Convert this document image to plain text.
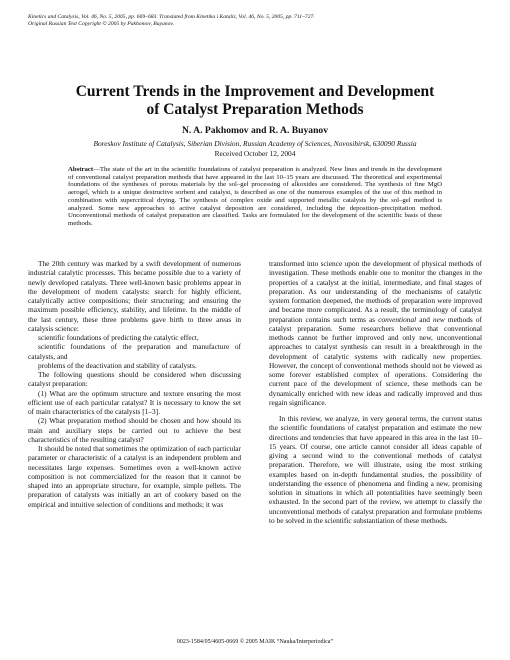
Kinetics and Catalysis, Vol. 46, No. 5, 2005, pp. 669–683. Translated from Kinetika i Kataliz, Vol. 46, No. 5, 2005, pp. 711–727.
Original Russian Text Copyright © 2005 by Pakhomov, Buyanov.
Current Trends in the Improvement and Development
of Catalyst Preparation Methods
N. A. Pakhomov and R. A. Buyanov
Boreskov Institute of Catalysis, Siberian Division, Russian Academy of Sciences, Novosibirsk, 630090 Russia
Received October 12, 2004
Abstract—The state of the art in the scientific foundations of catalyst preparation is analyzed. New lines and trends in the development of conventional catalyst preparation methods that have appeared in the last 10–15 years are discussed. The theoretical and experimental foundations of the syntheses of porous materials by the sol–gel processing of alkoxides are considered. The synthesis of fine MgO aerogel, which is a unique destructive sorbent and catalyst, is described as one of the numerous examples of the use of this method in combination with supercritical drying. The synthesis of complex oxide and supported metallic catalysts by the sol–gel method is analyzed. Some new approaches to active catalyst deposition are considered, including the deposition–precipitation method. Unconventional methods of catalyst preparation are classified. Tasks are formulated for the development of the scientific basis of these methods.

The 20th century was marked by a swift development of numerous industrial catalytic processes. This became possible due to a variety of newly developed catalysts. Three well-known basic problems appear in the development of modern catalysts: search for highly efficient, catalytically active compositions; their structuring; and ensuring the maximum possible efficiency, stability, and lifetime. In the middle of the last century, these three problems gave birth to three areas in catalysis science:

scientific foundations of predicting the catalytic effect,

scientific foundations of the preparation and manufacture of catalysts, and

problems of the deactivation and stability of catalysts.

The following questions should be considered when discussing catalyst preparation:

(1) What are the optimum structure and texture ensuring the most efficient use of each particular catalyst? It is necessary to know the set of main characteristics of the catalysts [1–3].

(2) What preparation method should be chosen and how should its main and auxiliary steps be carried out to achieve the best characteristics of the resulting catalyst?

It should be noted that sometimes the optimization of each particular parameter or characteristic of a catalyst is an independent problem and necessitates large expenses. Sometimes even a well-known active composition is not commercialized for the reason that it cannot be shaped into an appropriate structure, for example, simple pellets. The preparation of catalysts was initially an art of cookery based on the empirical and intuitive selection of conditions and methods; it was

transformed into science upon the development of physical methods of investigation. These methods enable one to monitor the changes in the properties of a catalyst at the initial, intermediate, and final stages of preparation. As our understanding of the mechanisms of catalytic system formation deepened, the methods of preparation were improved and became more complicated. As a result, the terminology of catalyst preparation contains such terms as conventional and new methods of catalyst preparation. Some researchers believe that conventional methods cannot be further improved and only new, unconventional approaches to catalyst synthesis can result in a breakthrough in the development of catalytic systems with radically new properties. However, the concept of conventional methods should not be viewed as some forever established complex of operations. Considering the current pace of the development of science, these methods can be dynamically enriched with new ideas and radically improved and thus regain significance.

In this review, we analyze, in very general terms, the current status the scientific foundations of catalyst preparation and estimate the new directions and tendencies that have appeared in this area in the last 10–15 years. Of course, one article cannot consider all ideas capable of giving a second wind to the conventional methods of catalyst preparation. Therefore, we will illustrate, using the most striking examples based on in-depth fundamental studies, the possibility of understanding the essence of phenomena and finding a new, promising solution in situations in which all potentialities have seemingly been exhausted. In the second part of the review, we attempt to classify the unconventional methods of catalyst preparation and formulate problems to be solved in the scientific substantiation of these methods.

0023-1584/05/4605-0669 © 2005 MAIK “Nauka/Interperiodica”
